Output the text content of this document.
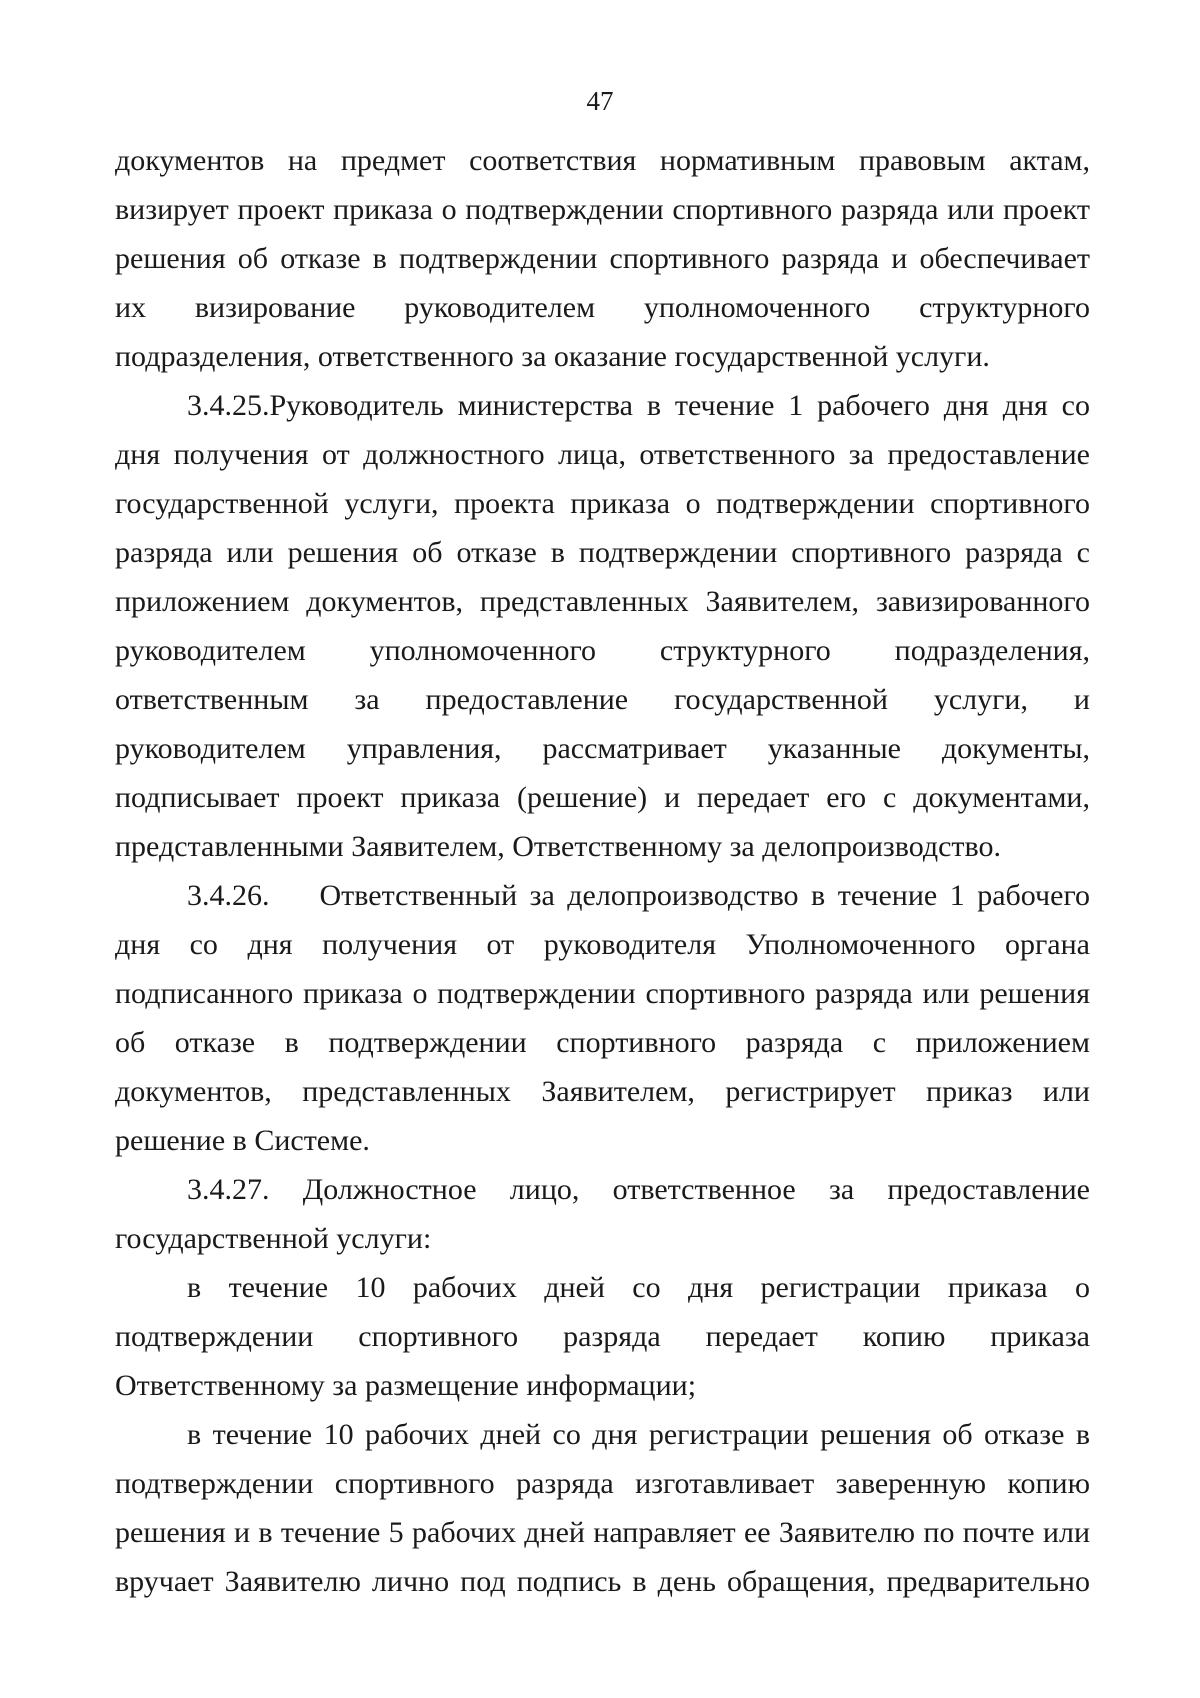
47

документов на предмет соответствия нормативным правовым актам, визирует проект приказа о подтверждении спортивного разряда или проект решения об отказе в подтверждении спортивного разряда и обеспечивает их визирование руководителем уполномоченного структурного подразделения, ответственного за оказание государственной услуги.

3.4.25.Руководитель министерства в течение 1 рабочего дня дня со дня получения от должностного лица, ответственного за предоставление государственной услуги, проекта приказа о подтверждении спортивного разряда или решения об отказе в подтверждении спортивного разряда с приложением документов, представленных Заявителем, завизированного руководителем уполномоченного структурного подразделения, ответственным за предоставление государственной услуги, и руководителем управления, рассматривает указанные документы, подписывает проект приказа (решение) и передает его с документами, представленными Заявителем, Ответственному за делопроизводство.

3.4.26.    Ответственный за делопроизводство в течение 1 рабочего дня со дня получения от руководителя Уполномоченного органа подписанного приказа о подтверждении спортивного разряда или решения об отказе в подтверждении спортивного разряда с приложением документов, представленных Заявителем, регистрирует приказ или решение в Системе.

3.4.27. Должностное лицо, ответственное за предоставление государственной услуги:

в течение 10 рабочих дней со дня регистрации приказа о подтверждении спортивного разряда передает копию приказа Ответственному за размещение информации;

в течение 10 рабочих дней со дня регистрации решения об отказе в подтверждении спортивного разряда изготавливает заверенную копию решения и в течение 5 рабочих дней направляет ее Заявителю по почте или вручает Заявителю лично под подпись в день обращения, предварительно
